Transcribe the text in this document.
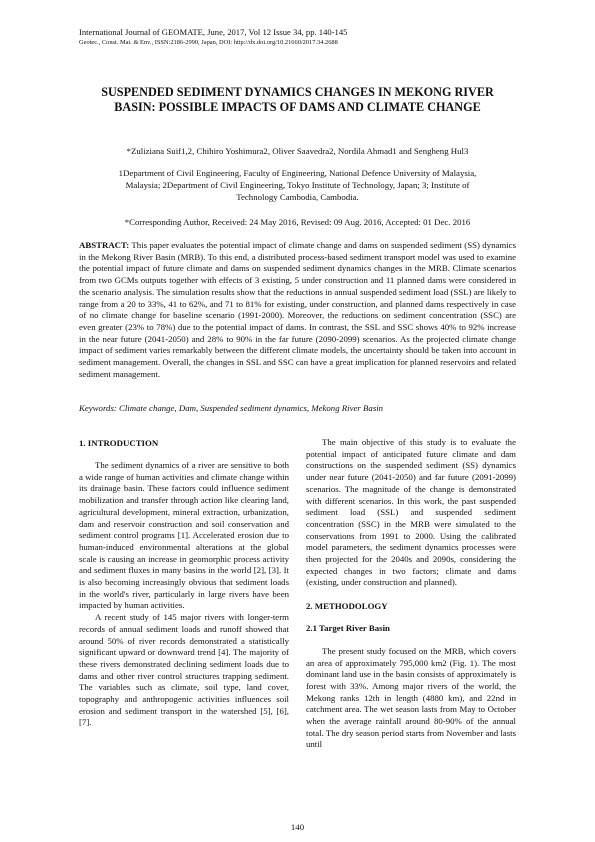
International Journal of GEOMATE, June, 2017, Vol 12 Issue 34, pp. 140-145
Geotec., Const. Mat. & Env., ISSN:2186-2990, Japan, DOI: http://dx.doi.org/10.21660/2017.34.2688
SUSPENDED SEDIMENT DYNAMICS CHANGES IN MEKONG RIVER BASIN: POSSIBLE IMPACTS OF DAMS AND CLIMATE CHANGE
*Zuliziana Suif1,2, Chihiro Yoshimura2, Oliver Saavedra2, Nordila Ahmad1 and Sengheng Hul3
1Department of Civil Engineering, Faculty of Engineering, National Defence University of Malaysia, Malaysia; 2Department of Civil Engineering, Tokyo Institute of Technology, Japan; 3; Institute of Technology Cambodia, Cambodia.
*Corresponding Author, Received: 24 May 2016, Revised: 09 Aug. 2016, Accepted: 01 Dec. 2016
ABSTRACT: This paper evaluates the potential impact of climate change and dams on suspended sediment (SS) dynamics in the Mekong River Basin (MRB). To this end, a distributed process-based sediment transport model was used to examine the potential impact of future climate and dams on suspended sediment dynamics changes in the MRB. Climate scenarios from two GCMs outputs together with effects of 3 existing, 5 under construction and 11 planned dams were considered in the scenario analysis. The simulation results show that the reductions in annual suspended sediment load (SSL) are likely to range from a 20 to 33%, 41 to 62%, and 71 to 81% for existing, under construction, and planned dams respectively in case of no climate change for baseline scenario (1991-2000). Moreover, the reductions on sediment concentration (SSC) are even greater (23% to 78%) due to the potential impact of dams. In contrast, the SSL and SSC shows 40% to 92% increase in the near future (2041-2050) and 28% to 90% in the far future (2090-2099) scenarios. As the projected climate change impact of sediment varies remarkably between the different climate models, the uncertainty should be taken into account in sediment management. Overall, the changes in SSL and SSC can have a great implication for planned reservoirs and related sediment management.
Keywords: Climate change, Dam, Suspended sediment dynamics, Mekong River Basin
1. INTRODUCTION

The sediment dynamics of a river are sensitive to both a wide range of human activities and climate change within its drainage basin. These factors could influence sediment mobilization and transfer through action like clearing land, agricultural development, mineral extraction, urbanization, dam and reservoir construction and soil conservation and sediment control programs [1]. Accelerated erosion due to human-induced environmental alterations at the global scale is causing an increase in geomorphic process activity and sediment fluxes in many basins in the world [2], [3]. It is also becoming increasingly obvious that sediment loads in the world's river, particularly in large rivers have been impacted by human activities.

A recent study of 145 major rivers with longer-term records of annual sediment loads and runoff showed that around 50% of river records demonstrated a statistically significant upward or downward trend [4]. The majority of these rivers demonstrated declining sediment loads due to dams and other river control structures trapping sediment. The variables such as climate, soil type, land cover, topography and anthropogenic activities influences soil erosion and sediment transport in the watershed [5], [6], [7].

The main objective of this study is to evaluate the potential impact of anticipated future climate and dam constructions on the suspended sediment (SS) dynamics under near future (2041-2050) and far future (2091-2099) scenarios. The magnitude of the change is demonstrated with different scenarios. In this work, the past suspended sediment load (SSL) and suspended sediment concentration (SSC) in the MRB were simulated to the conservations from 1991 to 2000. Using the calibrated model parameters, the sediment dynamics processes were then projected for the 2040s and 2090s, considering the expected changes in two factors; climate and dams (existing, under construction and planned).

2. METHODOLOGY
2.1 Target River Basin

The present study focused on the MRB, which covers an area of approximately 795,000 km2 (Fig. 1). The most dominant land use in the basin consists of approximately is forest with 33%. Among major rivers of the world, the Mekong ranks 12th in length (4880 km), and 22nd in catchment area. The wet season lasts from May to October when the average rainfall around 80-90% of the annual total. The dry season period starts from November and lasts until

140
